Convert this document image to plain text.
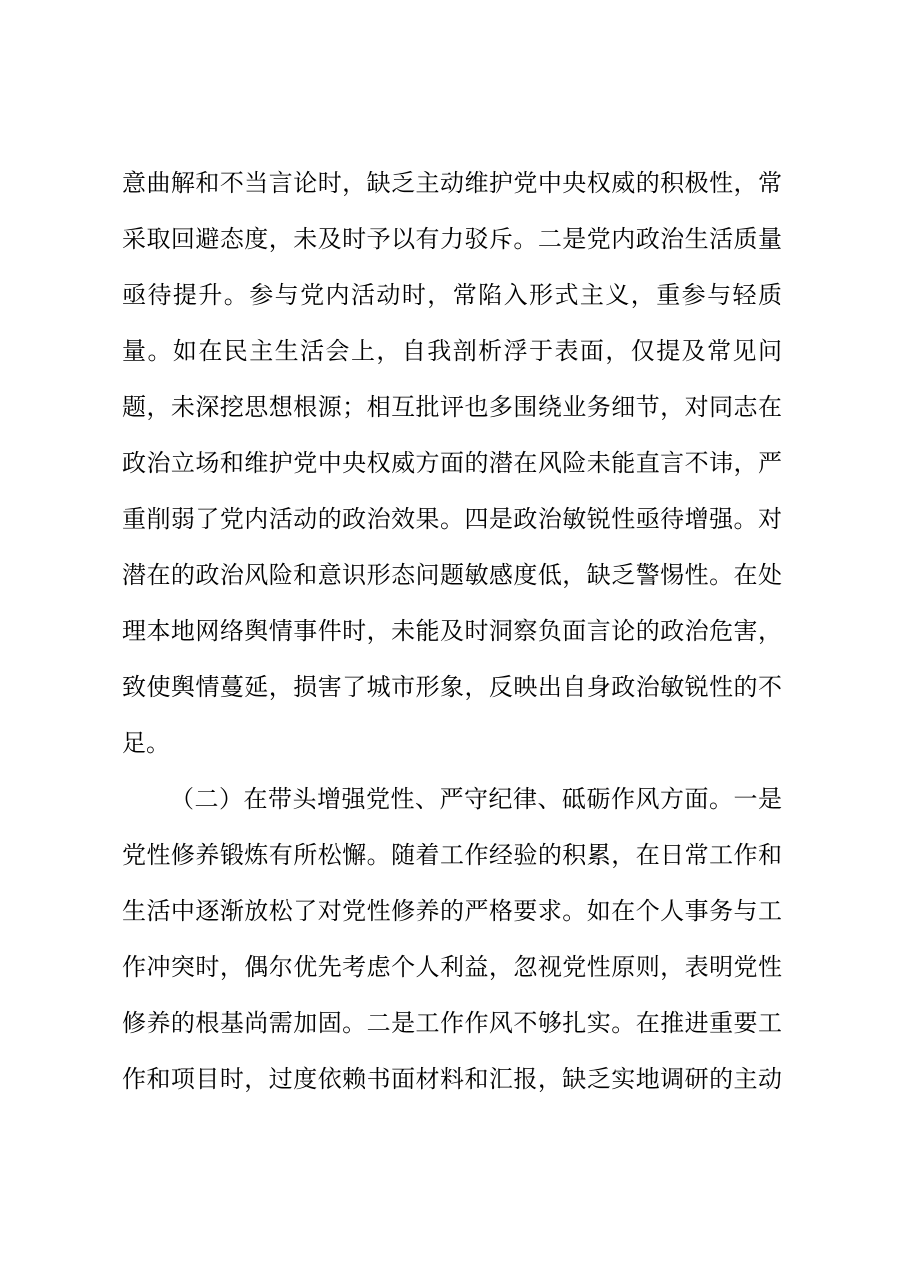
意曲解和不当言论时，缺乏主动维护党中央权威的积极性，常
采取回避态度，未及时予以有力驳斥。二是党内政治生活质量
亟待提升。参与党内活动时，常陷入形式主义，重参与轻质
量。如在民主生活会上，自我剖析浮于表面，仅提及常见问
题，未深挖思想根源；相互批评也多围绕业务细节，对同志在
政治立场和维护党中央权威方面的潜在风险未能直言不讳，严
重削弱了党内活动的政治效果。四是政治敏锐性亟待增强。对
潜在的政治风险和意识形态问题敏感度低，缺乏警惕性。在处
理本地网络舆情事件时，未能及时洞察负面言论的政治危害，
致使舆情蔓延，损害了城市形象，反映出自身政治敏锐性的不
足。
（二）在带头增强党性、严守纪律、砥砺作风方面。一是
党性修养锻炼有所松懈。随着工作经验的积累，在日常工作和
生活中逐渐放松了对党性修养的严格要求。如在个人事务与工
作冲突时，偶尔优先考虑个人利益，忽视党性原则，表明党性
修养的根基尚需加固。二是工作作风不够扎实。在推进重要工
作和项目时，过度依赖书面材料和汇报，缺乏实地调研的主动
